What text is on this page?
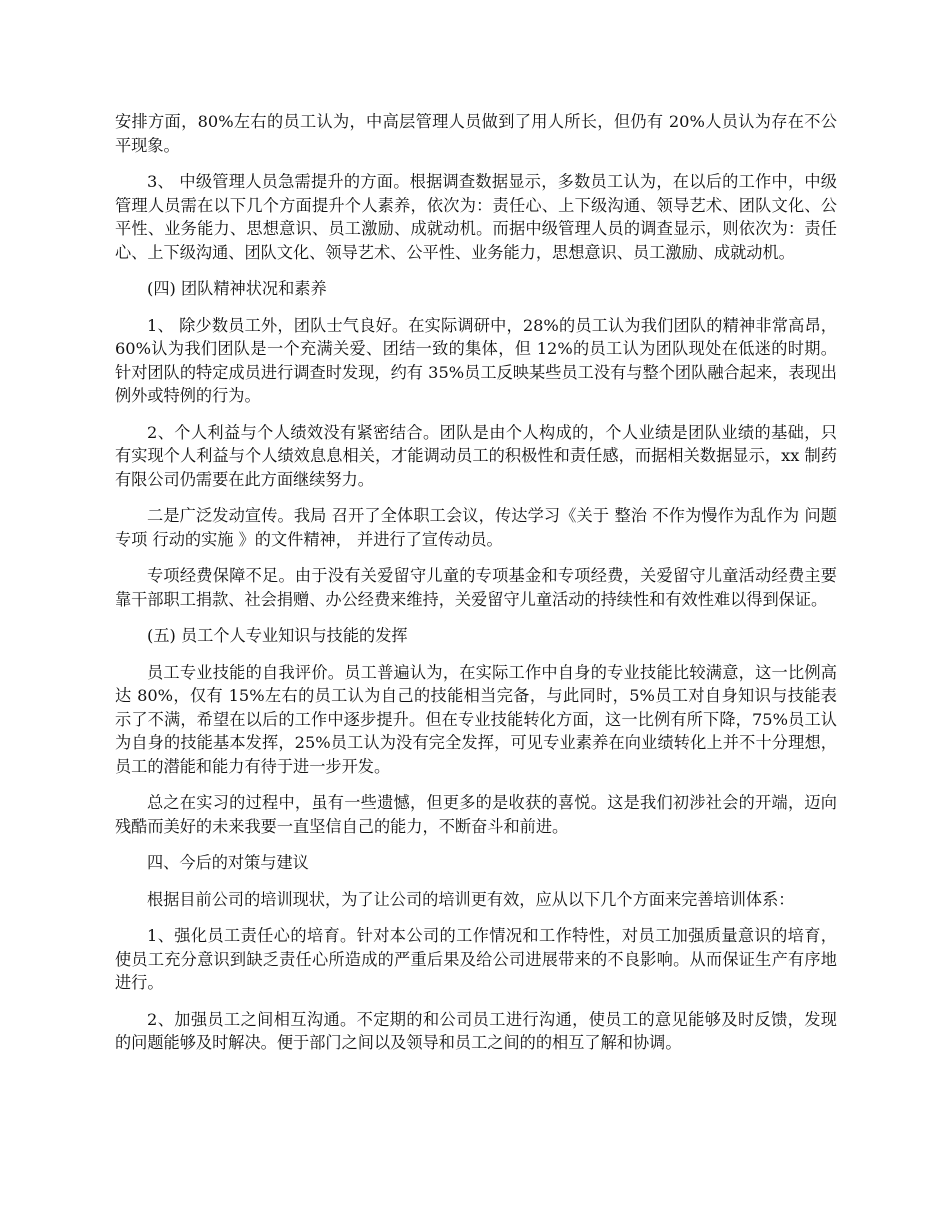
安排方面，80%左右的员工认为，中高层管理人员做到了用人所长，但仍有 20%人员认为存在不公平现象。

3、 中级管理人员急需提升的方面。根据调查数据显示，多数员工认为，在以后的工作中，中级管理人员需在以下几个方面提升个人素养，依次为：责任心、上下级沟通、领导艺术、团队文化、公平性、业务能力、思想意识、员工激励、成就动机。而据中级管理人员的调查显示，则依次为：责任心、上下级沟通、团队文化、领导艺术、公平性、业务能力，思想意识、员工激励、成就动机。

(四) 团队精神状况和素养

1、 除少数员工外，团队士气良好。在实际调研中，28%的员工认为我们团队的精神非常高昂，60%认为我们团队是一个充满关爱、团结一致的集体，但 12%的员工认为团队现处在低迷的时期。针对团队的特定成员进行调查时发现，约有 35%员工反映某些员工没有与整个团队融合起来，表现出例外或特例的行为。

2、个人利益与个人绩效没有紧密结合。团队是由个人构成的，个人业绩是团队业绩的基础，只有实现个人利益与个人绩效息息相关，才能调动员工的积极性和责任感，而据相关数据显示，xx 制药有限公司仍需要在此方面继续努力。

二是广泛发动宣传。我局 召开了全体职工会议，传达学习《关于 整治 不作为慢作为乱作为 问题专项 行动的实施 》的文件精神， 并进行了宣传动员。

专项经费保障不足。由于没有关爱留守儿童的专项基金和专项经费，关爱留守儿童活动经费主要靠干部职工捐款、社会捐赠、办公经费来维持，关爱留守儿童活动的持续性和有效性难以得到保证。

(五) 员工个人专业知识与技能的发挥

员工专业技能的自我评价。员工普遍认为，在实际工作中自身的专业技能比较满意，这一比例高达 80%，仅有 15%左右的员工认为自己的技能相当完备，与此同时，5%员工对自身知识与技能表示了不满，希望在以后的工作中逐步提升。但在专业技能转化方面，这一比例有所下降，75%员工认为自身的技能基本发挥，25%员工认为没有完全发挥，可见专业素养在向业绩转化上并不十分理想，员工的潜能和能力有待于进一步开发。

总之在实习的过程中，虽有一些遗憾，但更多的是收获的喜悦。这是我们初涉社会的开端，迈向残酷而美好的未来我要一直坚信自己的能力，不断奋斗和前进。

四、今后的对策与建议

根据目前公司的培训现状，为了让公司的培训更有效，应从以下几个方面来完善培训体系：

1、强化员工责任心的培育。针对本公司的工作情况和工作特性，对员工加强质量意识的培育，使员工充分意识到缺乏责任心所造成的严重后果及给公司进展带来的不良影响。从而保证生产有序地进行。

2、加强员工之间相互沟通。不定期的和公司员工进行沟通，使员工的意见能够及时反馈，发现的问题能够及时解决。便于部门之间以及领导和员工之间的的相互了解和协调。
